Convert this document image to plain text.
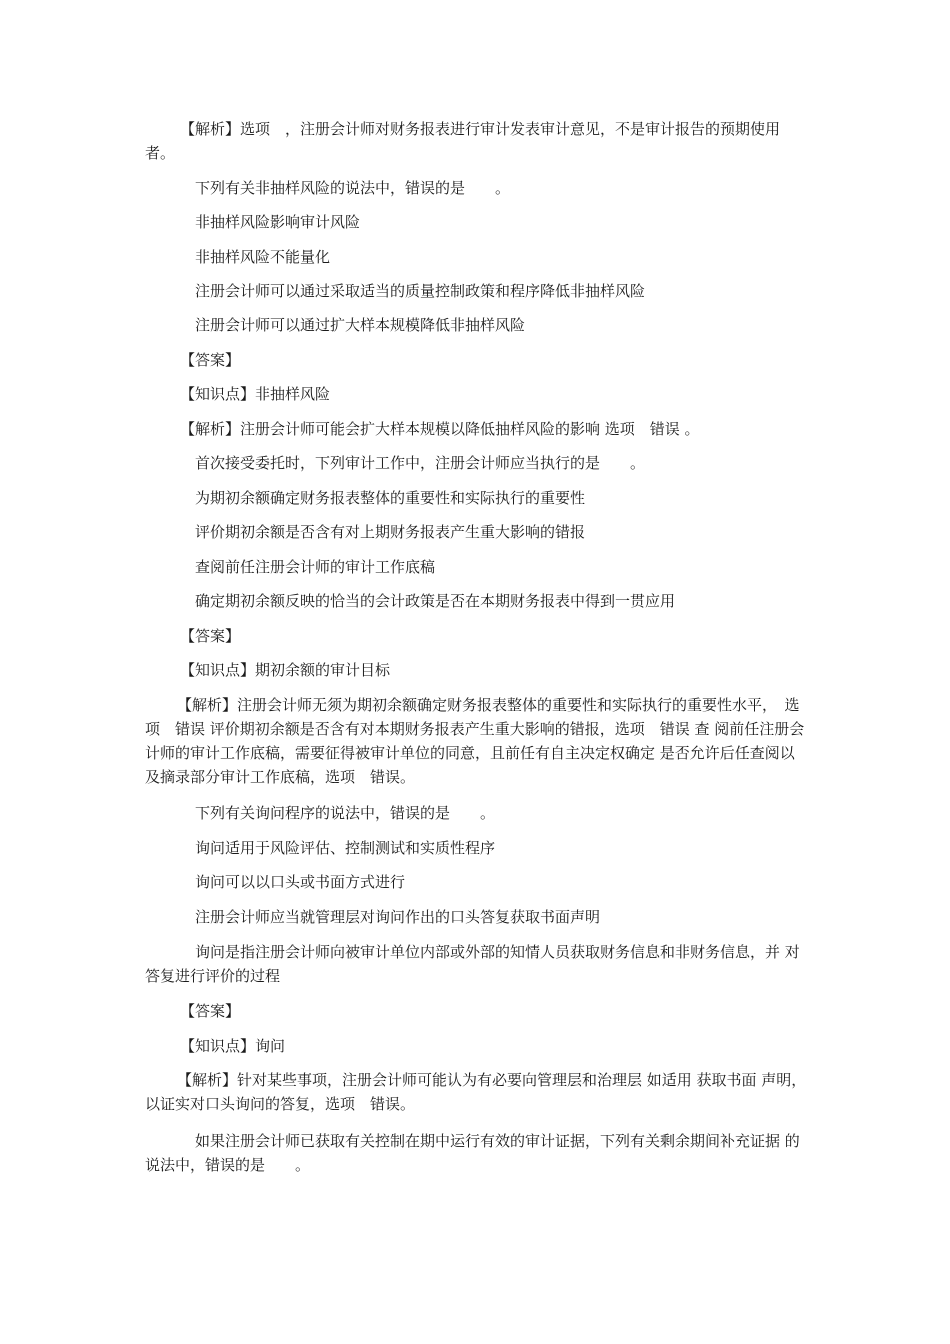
【解析】选项　，注册会计师对财务报表进行审计发表审计意见，不是审计报告的预期使用　者。

下列有关非抽样风险的说法中，错误的是　　。

非抽样风险影响审计风险

非抽样风险不能量化

注册会计师可以通过采取适当的质量控制政策和程序降低非抽样风险

注册会计师可以通过扩大样本规模降低非抽样风险

【答案】

【知识点】非抽样风险

【解析】注册会计师可能会扩大样本规模以降低抽样风险的影响 选项　错误 。

首次接受委托时，下列审计工作中，注册会计师应当执行的是　　。

为期初余额确定财务报表整体的重要性和实际执行的重要性

评价期初余额是否含有对上期财务报表产生重大影响的错报

查阅前任注册会计师的审计工作底稿

确定期初余额反映的恰当的会计政策是否在本期财务报表中得到一贯应用

【答案】

【知识点】期初余额的审计目标

【解析】注册会计师无须为期初余额确定财务报表整体的重要性和实际执行的重要性水平，　选项　错误 评价期初余额是否含有对本期财务报表产生重大影响的错报，选项　错误 查 阅前任注册会计师的审计工作底稿，需要征得被审计单位的同意，且前任有自主决定权确定 是否允许后任查阅以及摘录部分审计工作底稿，选项　错误。

下列有关询问程序的说法中，错误的是　　。

询问适用于风险评估、控制测试和实质性程序

询问可以以口头或书面方式进行

注册会计师应当就管理层对询问作出的口头答复获取书面声明

询问是指注册会计师向被审计单位内部或外部的知情人员获取财务信息和非财务信息，并 对答复进行评价的过程

【答案】

【知识点】询问

【解析】针对某些事项，注册会计师可能认为有必要向管理层和治理层 如适用 获取书面 声明，以证实对口头询问的答复，选项　错误。

如果注册会计师已获取有关控制在期中运行有效的审计证据，下列有关剩余期间补充证据 的说法中，错误的是　　。
